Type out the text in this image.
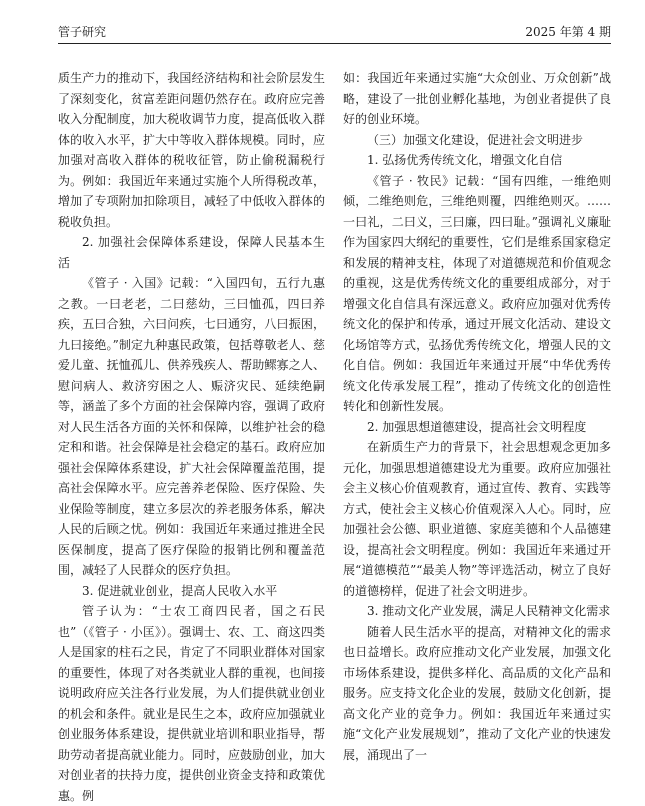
管子研究	2025 年第 4 期

质生产力的推动下，我国经济结构和社会阶层发生了深刻变化，贫富差距问题仍然存在。政府应完善收入分配制度，加大税收调节力度，提高低收入群体的收入水平，扩大中等收入群体规模。同时，应加强对高收入群体的税收征管，防止偷税漏税行为。例如：我国近年来通过实施个人所得税改革，增加了专项附加扣除项目，减轻了中低收入群体的税收负担。

2. 加强社会保障体系建设，保障人民基本生活

《管子 · 入国》记载：“入国四旬，五行九惠之教。一曰老老，二曰慈幼，三曰恤孤，四曰养疾，五曰合独，六曰问疾，七曰通穷，八曰振困，九曰接绝。”制定九种惠民政策，包括尊敬老人、慈爱儿童、抚恤孤儿、供养残疾人、帮助鳏寡之人、慰问病人、救济穷困之人、赈济灾民、延续绝嗣等，涵盖了多个方面的社会保障内容，强调了政府对人民生活各方面的关怀和保障，以维护社会的稳定和和谐。社会保障是社会稳定的基石。政府应加强社会保障体系建设，扩大社会保障覆盖范围，提高社会保障水平。应完善养老保险、医疗保险、失业保险等制度，建立多层次的养老服务体系，解决人民的后顾之忧。例如：我国近年来通过推进全民医保制度，提高了医疗保险的报销比例和覆盖范围，减轻了人民群众的医疗负担。

3. 促进就业创业，提高人民收入水平

管子认为：“士农工商四民者，国之石民也”（《管子 · 小匡》）。强调士、农、工、商这四类人是国家的柱石之民，肯定了不同职业群体对国家的重要性，体现了对各类就业人群的重视，也间接说明政府应关注各行业发展，为人们提供就业创业的机会和条件。就业是民生之本，政府应加强就业创业服务体系建设，提供就业培训和职业指导，帮助劳动者提高就业能力。同时，应鼓励创业，加大对创业者的扶持力度，提供创业资金支持和政策优惠。例

如：我国近年来通过实施“大众创业、万众创新”战略，建设了一批创业孵化基地，为创业者提供了良好的创业环境。

（三）加强文化建设，促进社会文明进步

1. 弘扬优秀传统文化，增强文化自信

《管子 · 牧民》记载：“国有四维，一维绝则倾，二维绝则危，三维绝则覆，四维绝则灭。……一曰礼，二曰义，三曰廉，四曰耻。”强调礼义廉耻作为国家四大纲纪的重要性，它们是维系国家稳定和发展的精神支柱，体现了对道德规范和价值观念的重视，这是优秀传统文化的重要组成部分，对于增强文化自信具有深远意义。政府应加强对优秀传统文化的保护和传承，通过开展文化活动、建设文化场馆等方式，弘扬优秀传统文化，增强人民的文化自信。例如：我国近年来通过开展“中华优秀传统文化传承发展工程”，推动了传统文化的创造性转化和创新性发展。

2. 加强思想道德建设，提高社会文明程度

在新质生产力的背景下，社会思想观念更加多元化，加强思想道德建设尤为重要。政府应加强社会主义核心价值观教育，通过宣传、教育、实践等方式，使社会主义核心价值观深入人心。同时，应加强社会公德、职业道德、家庭美德和个人品德建设，提高社会文明程度。例如：我国近年来通过开展“道德模范”“最美人物”等评选活动，树立了良好的道德榜样，促进了社会文明进步。

3. 推动文化产业发展，满足人民精神文化需求

随着人民生活水平的提高，对精神文化的需求也日益增长。政府应推动文化产业发展，加强文化市场体系建设，提供多样化、高品质的文化产品和服务。应支持文化企业的发展，鼓励文化创新，提高文化产业的竞争力。例如：我国近年来通过实施“文化产业发展规划”，推动了文化产业的快速发展，涌现出了一
